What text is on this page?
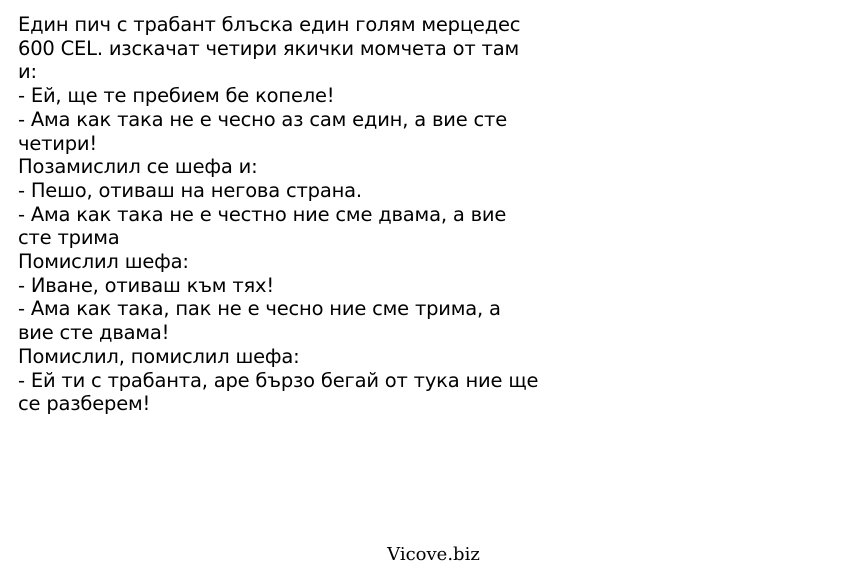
Един пич с трабант блъска един голям мерцедес
600 CEL. изскачат четири якички момчета от там
и:
- Ей, ще те пребием бе копеле!
- Ама как така не е чесно аз сам един, а вие сте
четири!
Позамислил се шефа и:
- Пешо, отиваш на негова страна.
- Ама как така не е честно ние сме двама, а вие
сте трима
Помислил шефа:
- Иване, отиваш към тях!
- Ама как така, пак не е чесно ние сме трима, а
вие сте двама!
Помислил, помислил шефа:
- Ей ти с трабанта, аре бързо бегай от тука ние ще
се разберем!
Vicove.biz
